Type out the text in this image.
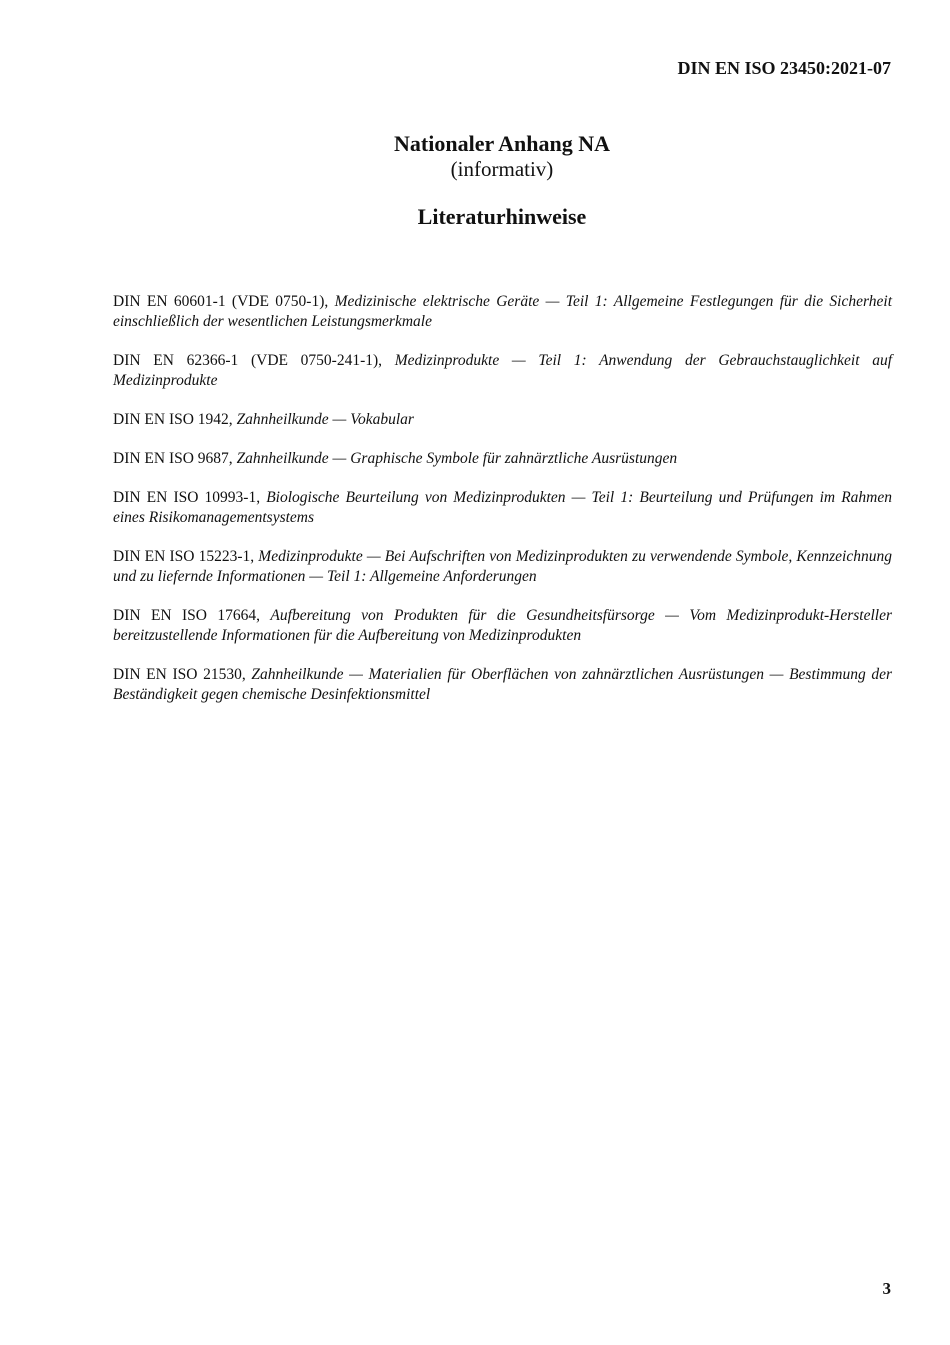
DIN EN ISO 23450:2021-07
Nationaler Anhang NA
(informativ)
Literaturhinweise
DIN EN 60601-1 (VDE 0750-1), Medizinische elektrische Geräte — Teil 1: Allgemeine Festlegungen für die Sicherheit einschließlich der wesentlichen Leistungsmerkmale
DIN EN 62366-1 (VDE 0750-241-1), Medizinprodukte — Teil 1: Anwendung der Gebrauchstauglichkeit auf Medizinprodukte
DIN EN ISO 1942, Zahnheilkunde — Vokabular
DIN EN ISO 9687, Zahnheilkunde — Graphische Symbole für zahnärztliche Ausrüstungen
DIN EN ISO 10993-1, Biologische Beurteilung von Medizinprodukten — Teil 1: Beurteilung und Prüfungen im Rahmen eines Risikomanagementsystems
DIN EN ISO 15223-1, Medizinprodukte — Bei Aufschriften von Medizinprodukten zu verwendende Symbole, Kennzeichnung und zu liefernde Informationen — Teil 1: Allgemeine Anforderungen
DIN EN ISO 17664, Aufbereitung von Produkten für die Gesundheitsfürsorge — Vom Medizinprodukt-Hersteller bereitzustellende Informationen für die Aufbereitung von Medizinprodukten
DIN EN ISO 21530, Zahnheilkunde — Materialien für Oberflächen von zahnärztlichen Ausrüstungen — Bestimmung der Beständigkeit gegen chemische Desinfektionsmittel
3
